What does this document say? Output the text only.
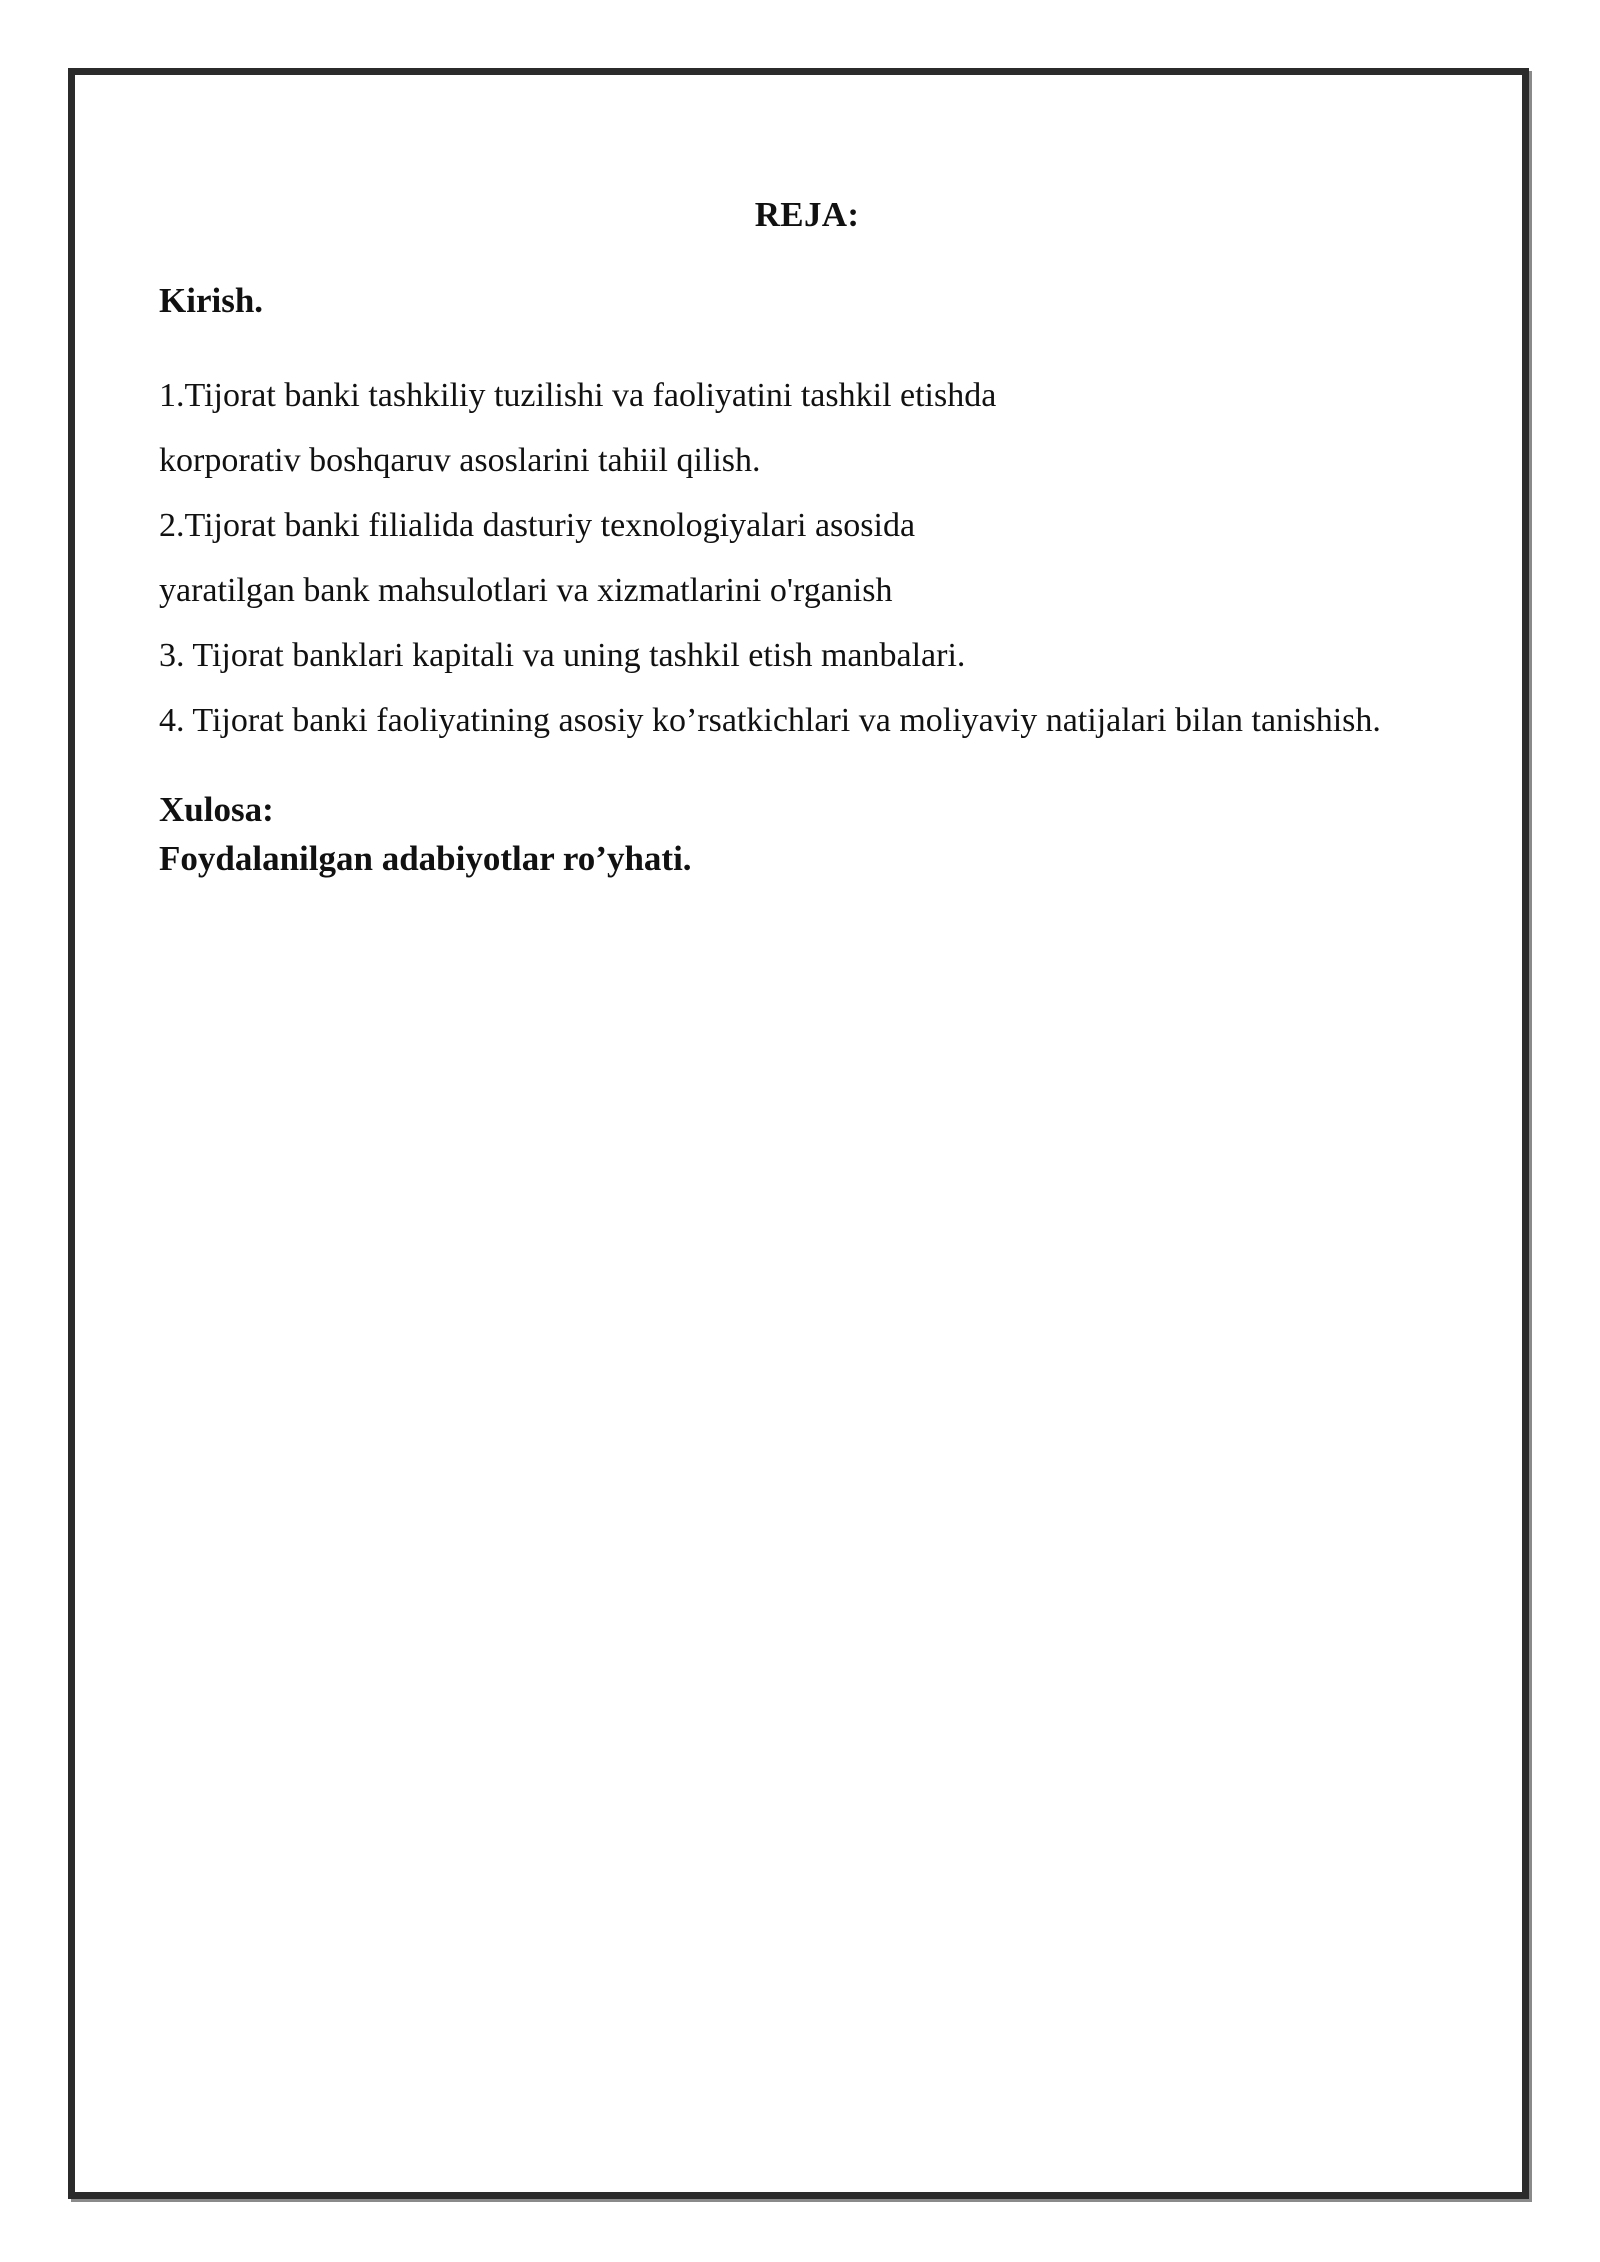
REJA:

Kirish.

1.Tijorat banki tashkiliy tuzilishi va faoliyatini tashkil etishda

korporativ boshqaruv asoslarini tahiil qilish.

2.Tijorat banki filialida dasturiy texnologiyalari asosida

yaratilgan bank mahsulotlari va xizmatlarini o'rganish

3. Tijorat banklari kapitali va uning tashkil etish manbalari.

4. Tijorat banki faoliyatining asosiy ko’rsatkichlari va moliyaviy natijalari bilan tanishish.

Xulosa:
Foydalanilgan adabiyotlar ro’yhati.
